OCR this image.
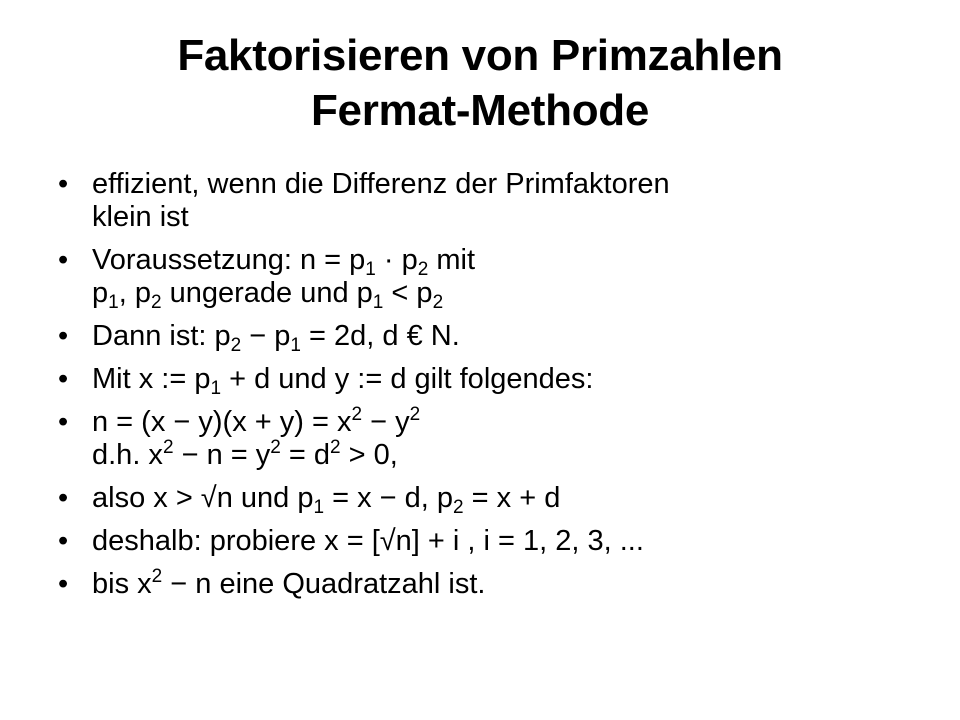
Faktorisieren von Primzahlen
Fermat-Methode
• effizient, wenn die Differenz der Primfaktoren
klein ist
• Voraussetzung: $n = p_1 \cdot p_2$ mit
$p_1$, $p_2$ ungerade und $p_1 < p_2$
• Dann ist: $p_2 - p_1 = 2d$, d € N.
• Mit x := $p_1 + d$ und y := d gilt folgendes:
• $n = (x - y)(x + y) = x^2 - y^2$
d.h. $x^2 - n = y^2 = d^2 > 0$,
• also x > √n und $p_1 = x - d$, $p_2 = x + d$
• deshalb: probiere x = [√n] + i , i = 1, 2, 3, ...
• bis $x^2 - n$ eine Quadratzahl ist.
